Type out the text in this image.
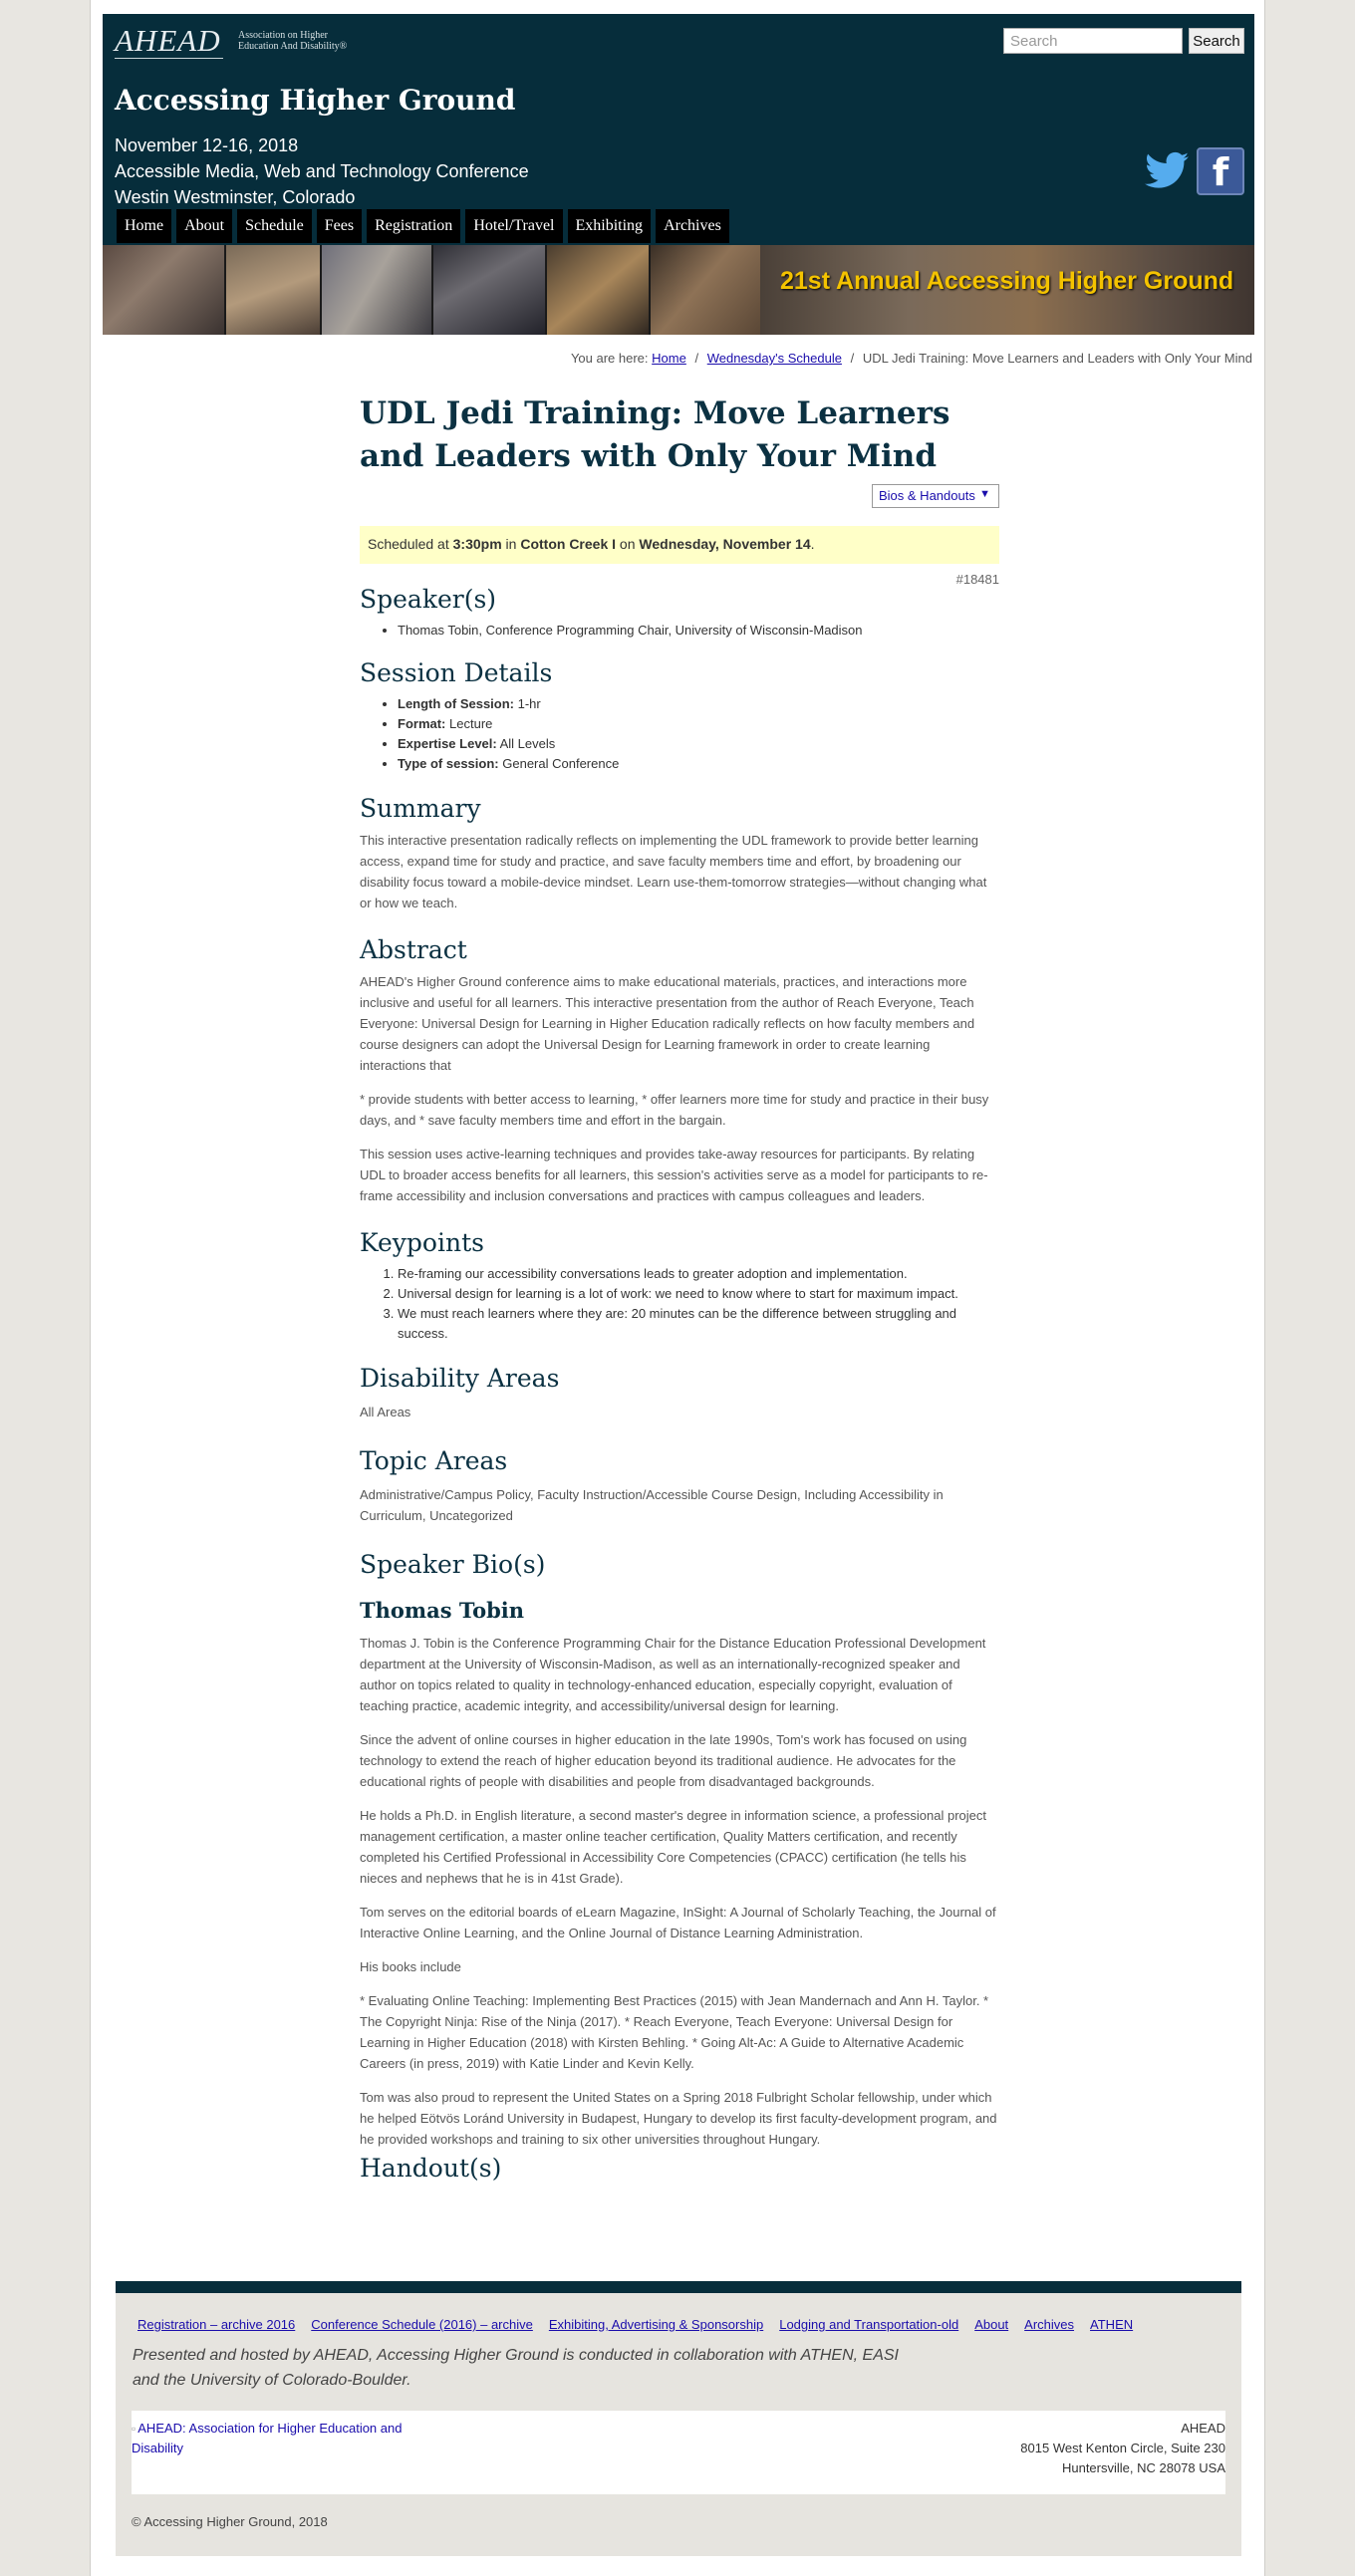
AHEAD Association on Higher Education And Disability®
Search	Search
Accessing Higher Ground
November 12-16, 2018
Accessible Media, Web and Technology Conference
Westin Westminster, Colorado
f
Home	About	Schedule	Fees	Registration	Hotel/Travel	Exhibiting	Archives
21st Annual Accessing Higher Ground
You are here: Home / Wednesday's Schedule / UDL Jedi Training: Move Learners and Leaders with Only Your Mind
UDL Jedi Training: Move Learners and Leaders with Only Your Mind
Bios & Handouts ▼
Scheduled at 3:30pm in Cotton Creek I on Wednesday, November 14.
#18481
Speaker(s)
• Thomas Tobin, Conference Programming Chair, University of Wisconsin-Madison
Session Details
• Length of Session: 1-hr
• Format: Lecture
• Expertise Level: All Levels
• Type of session: General Conference
Summary

This interactive presentation radically reflects on implementing the UDL framework to provide better learning access, expand time for study and practice, and save faculty members time and effort, by broadening our disability focus toward a mobile-device mindset. Learn use-them-tomorrow strategies—without changing what or how we teach.

Abstract

AHEAD's Higher Ground conference aims to make educational materials, practices, and interactions more inclusive and useful for all learners. This interactive presentation from the author of Reach Everyone, Teach Everyone: Universal Design for Learning in Higher Education radically reflects on how faculty members and course designers can adopt the Universal Design for Learning framework in order to create learning interactions that

* provide students with better access to learning, * offer learners more time for study and practice in their busy days, and * save faculty members time and effort in the bargain.

This session uses active-learning techniques and provides take-away resources for participants. By relating UDL to broader access benefits for all learners, this session's activities serve as a model for participants to re-frame accessibility and inclusion conversations and practices with campus colleagues and leaders.

Keypoints
1. Re-framing our accessibility conversations leads to greater adoption and implementation.
2. Universal design for learning is a lot of work: we need to know where to start for maximum impact.
3. We must reach learners where they are: 20 minutes can be the difference between struggling and success.
Disability Areas

All Areas

Topic Areas

Administrative/Campus Policy, Faculty Instruction/Accessible Course Design, Including Accessibility in Curriculum, Uncategorized

Speaker Bio(s)
Thomas Tobin

Thomas J. Tobin is the Conference Programming Chair for the Distance Education Professional Development department at the University of Wisconsin-Madison, as well as an internationally-recognized speaker and author on topics related to quality in technology-enhanced education, especially copyright, evaluation of teaching practice, academic integrity, and accessibility/universal design for learning.

Since the advent of online courses in higher education in the late 1990s, Tom's work has focused on using technology to extend the reach of higher education beyond its traditional audience. He advocates for the educational rights of people with disabilities and people from disadvantaged backgrounds.

He holds a Ph.D. in English literature, a second master's degree in information science, a professional project management certification, a master online teacher certification, Quality Matters certification, and recently completed his Certified Professional in Accessibility Core Competencies (CPACC) certification (he tells his nieces and nephews that he is in 41st Grade).

Tom serves on the editorial boards of eLearn Magazine, InSight: A Journal of Scholarly Teaching, the Journal of Interactive Online Learning, and the Online Journal of Distance Learning Administration.

His books include

* Evaluating Online Teaching: Implementing Best Practices (2015) with Jean Mandernach and Ann H. Taylor. * The Copyright Ninja: Rise of the Ninja (2017). * Reach Everyone, Teach Everyone: Universal Design for Learning in Higher Education (2018) with Kirsten Behling. * Going Alt-Ac: A Guide to Alternative Academic Careers (in press, 2019) with Katie Linder and Kevin Kelly.

Tom was also proud to represent the United States on a Spring 2018 Fulbright Scholar fellowship, under which he helped Eötvös Loránd University in Budapest, Hungary to develop its first faculty-development program, and he provided workshops and training to six other universities throughout Hungary.

Handout(s)
Registration – archive 2016 Conference Schedule (2016) – archive Exhibiting, Advertising & Sponsorship Lodging and Transportation-old About Archives ATHEN
Presented and hosted by AHEAD, Accessing Higher Ground is conducted in collaboration with ATHEN, EASI and the University of Colorado-Boulder.
▫ AHEAD: Association for Higher Education and Disability
AHEAD
8015 West Kenton Circle, Suite 230
Huntersville, NC 28078 USA
© Accessing Higher Ground, 2018
